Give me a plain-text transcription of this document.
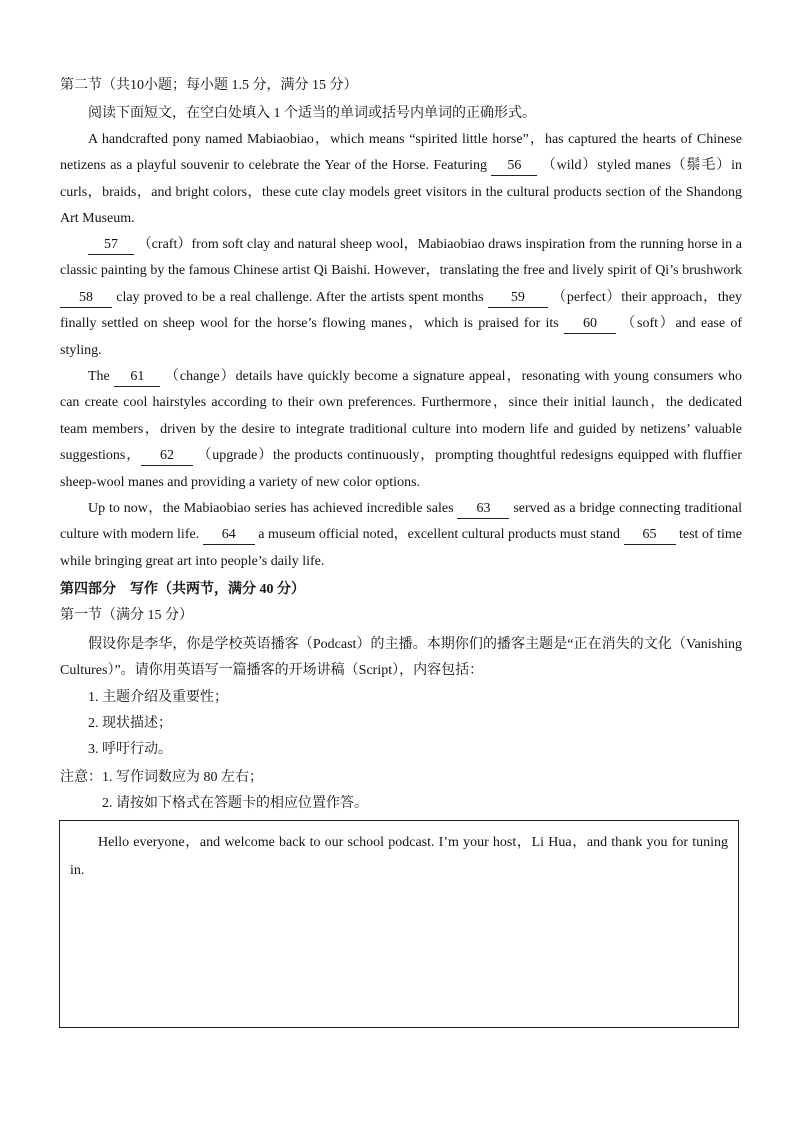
第二节（共10小题；每小题 1.5 分，满分 15 分）

阅读下面短文，在空白处填入 1 个适当的单词或括号内单词的正确形式。

A handcrafted pony named Mabiaobiao，which means “spirited little horse”，has captured the hearts of Chinese netizens as a playful souvenir to celebrate the Year of the Horse. Featuring 56 （wild）styled manes（鬃毛）in curls，braids，and bright colors，these cute clay models greet visitors in the cultural products section of the Shandong Art Museum.

57 （craft）from soft clay and natural sheep wool，Mabiaobiao draws inspiration from the running horse in a classic painting by the famous Chinese artist Qi Baishi. However，translating the free and lively spirit of Qi’s brushwork 58 clay proved to be a real challenge. After the artists spent months 59 （perfect）their approach，they finally settled on sheep wool for the horse’s flowing manes，which is praised for its 60 （soft）and ease of styling.

The 61 （change）details have quickly become a signature appeal，resonating with young consumers who can create cool hairstyles according to their own preferences. Furthermore，since their initial launch，the dedicated team members，driven by the desire to integrate traditional culture into modern life and guided by netizens’ valuable suggestions， 62 （upgrade）the products continuously，prompting thoughtful redesigns equipped with fluffier sheep-wool manes and providing a variety of new color options.

Up to now，the Mabiaobiao series has achieved incredible sales 63 served as a bridge connecting traditional culture with modern life. 64 a museum official noted，excellent cultural products must stand 65 test of time while bringing great art into people’s daily life.

第四部分　写作（共两节，满分 40 分）

第一节（满分 15 分）

假设你是李华，你是学校英语播客（Podcast）的主播。本期你们的播客主题是“正在消失的文化（Vanishing Cultures）”。请你用英语写一篇播客的开场讲稿（Script），内容包括：

1. 主题介绍及重要性；

2. 现状描述；

3. 呼吁行动。

注意：1. 写作词数应为 80 左右；

2. 请按如下格式在答题卡的相应位置作答。

Hello everyone，and welcome back to our school podcast. I’m your host，Li Hua，and thank you for tuning in.
